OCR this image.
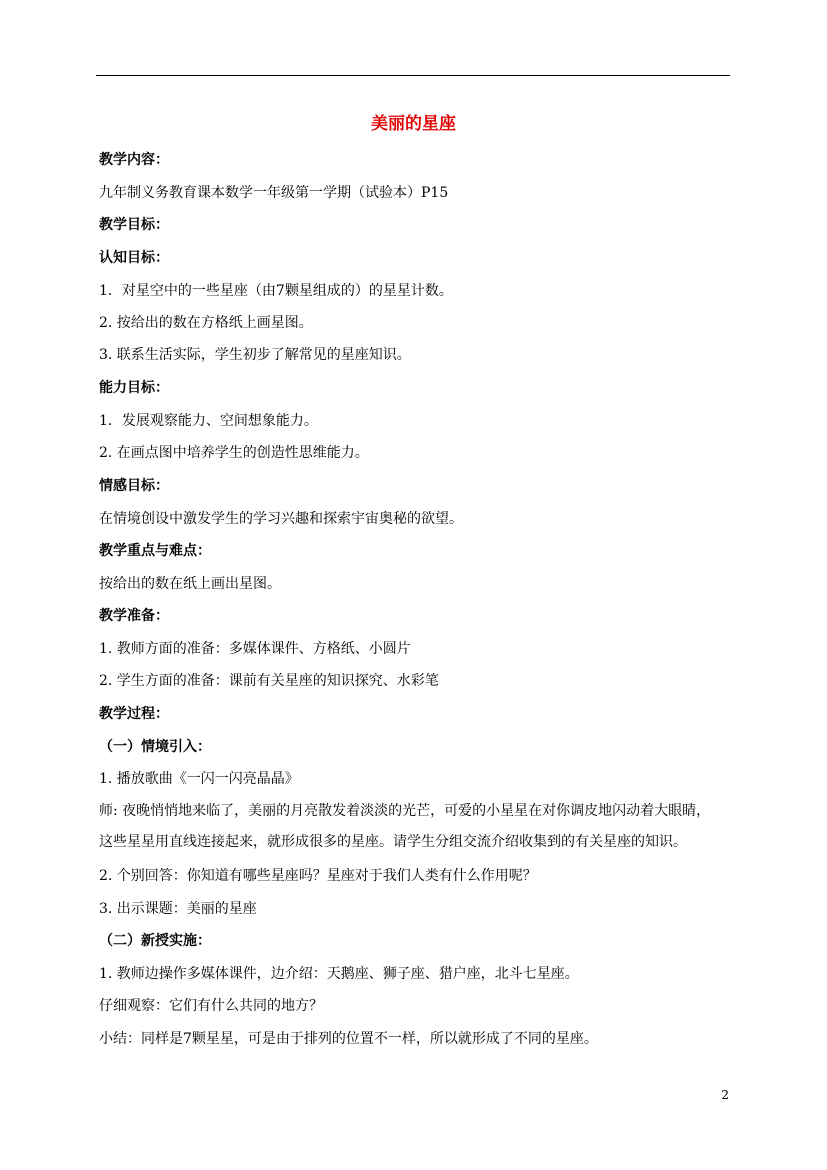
美丽的星座
教学内容：
九年制义务教育课本数学一年级第一学期（试验本）P15
教学目标：
认知目标：
1．对星空中的一些星座（由7颗星组成的）的星星计数。
2. 按给出的数在方格纸上画星图。
3. 联系生活实际，学生初步了解常见的星座知识。
能力目标：
1．发展观察能力、空间想象能力。
2. 在画点图中培养学生的创造性思维能力。
情感目标：
在情境创设中激发学生的学习兴趣和探索宇宙奥秘的欲望。
教学重点与难点：
按给出的数在纸上画出星图。
教学准备：
1. 教师方面的准备：多媒体课件、方格纸、小圆片
2. 学生方面的准备：课前有关星座的知识探究、水彩笔
教学过程：
（一）情境引入：
1. 播放歌曲《一闪一闪亮晶晶》
师: 夜晚悄悄地来临了，美丽的月亮散发着淡淡的光芒，可爱的小星星在对你调皮地闪动着大眼睛，
这些星星用直线连接起来，就形成很多的星座。请学生分组交流介绍收集到的有关星座的知识。
2. 个别回答：你知道有哪些星座吗？星座对于我们人类有什么作用呢？
3. 出示课题：美丽的星座
（二）新授实施：
1. 教师边操作多媒体课件，边介绍：天鹅座、狮子座、猎户座，北斗七星座。
仔细观察：它们有什么共同的地方？
小结：同样是7颗星星，可是由于排列的位置不一样，所以就形成了不同的星座。
2
